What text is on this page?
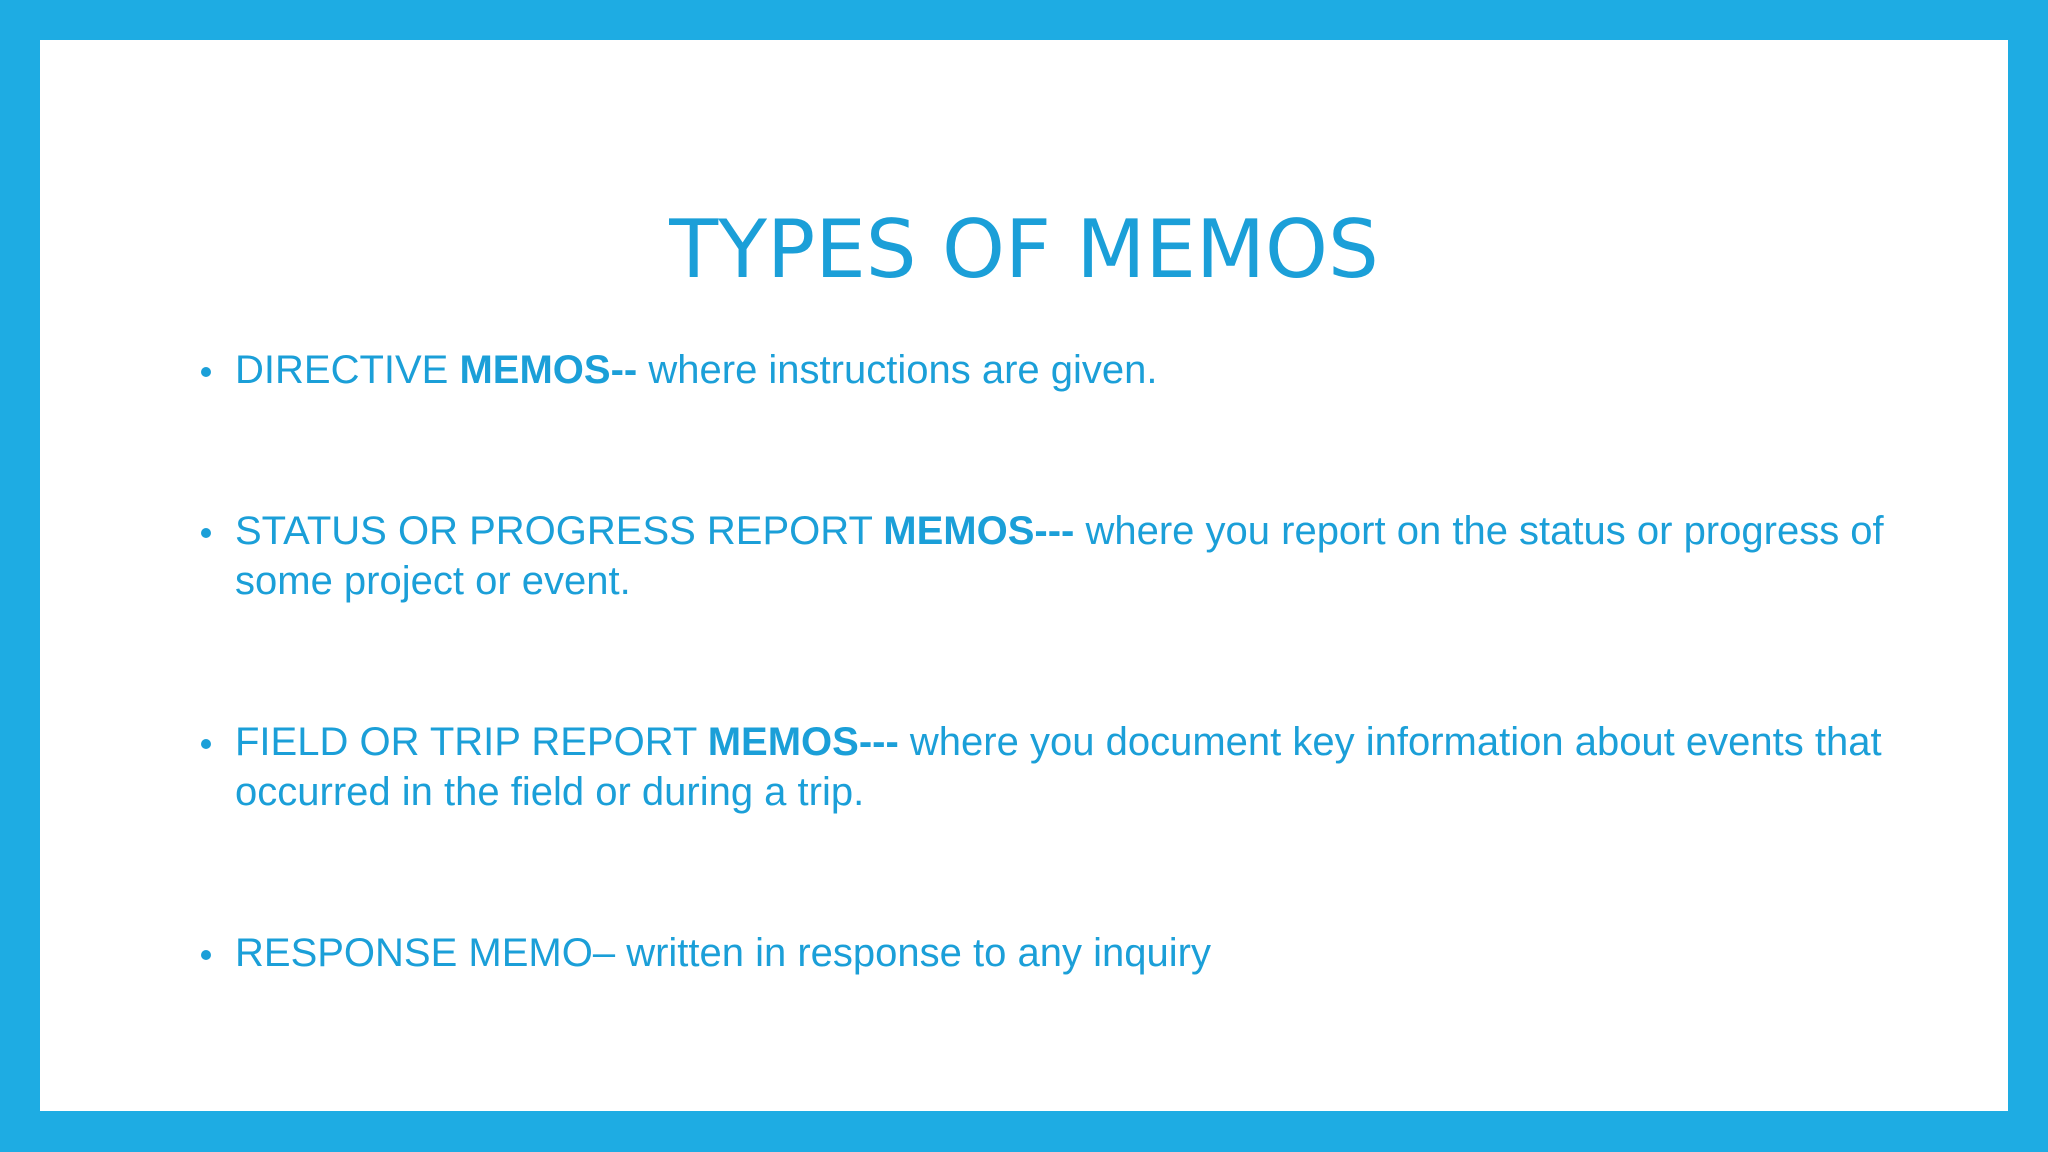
TYPES OF MEMOS
DIRECTIVE MEMOS-- where instructions are given.
STATUS OR PROGRESS REPORT MEMOS--- where you report on the status or progress of some project or event.
FIELD OR TRIP REPORT MEMOS--- where you document key information about events that occurred in the field or during a trip.
RESPONSE MEMO– written in response to any inquiry
